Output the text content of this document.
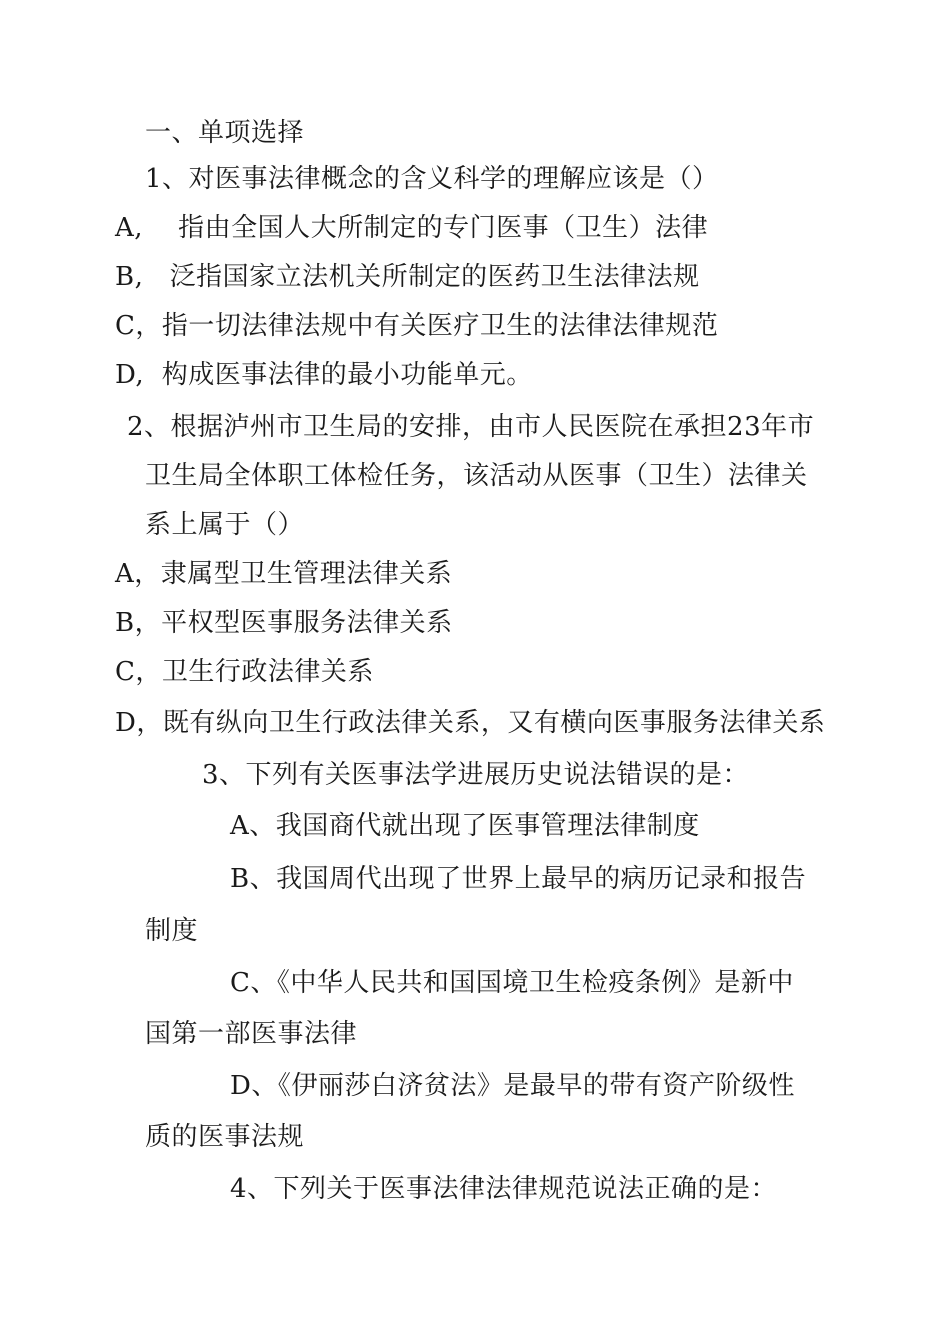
一、单项选择

1、对医事法律概念的含义科学的理解应该是（）

A,    指由全国人大所制定的专门医事（卫生）法律

B,   泛指国家立法机关所制定的医药卫生法律法规

C，指一切法律法规中有关医疗卫生的法律法律规范

D,  构成医事法律的最小功能单元。

2、根据泸州市卫生局的安排，由市人民医院在承担23年市

卫生局全体职工体检任务，该活动从医事（卫生）法律关

系上属于（）

A，隶属型卫生管理法律关系

B，平权型医事服务法律关系

C，卫生行政法律关系

D，既有纵向卫生行政法律关系，又有横向医事服务法律关系

3、下列有关医事法学进展历史说法错误的是：

A、我国商代就出现了医事管理法律制度

B、我国周代出现了世界上最早的病历记录和报告

制度

C、《中华人民共和国国境卫生检疫条例》是新中

国第一部医事法律

D、《伊丽莎白济贫法》是最早的带有资产阶级性

质的医事法规

4、下列关于医事法律法律规范说法正确的是：
